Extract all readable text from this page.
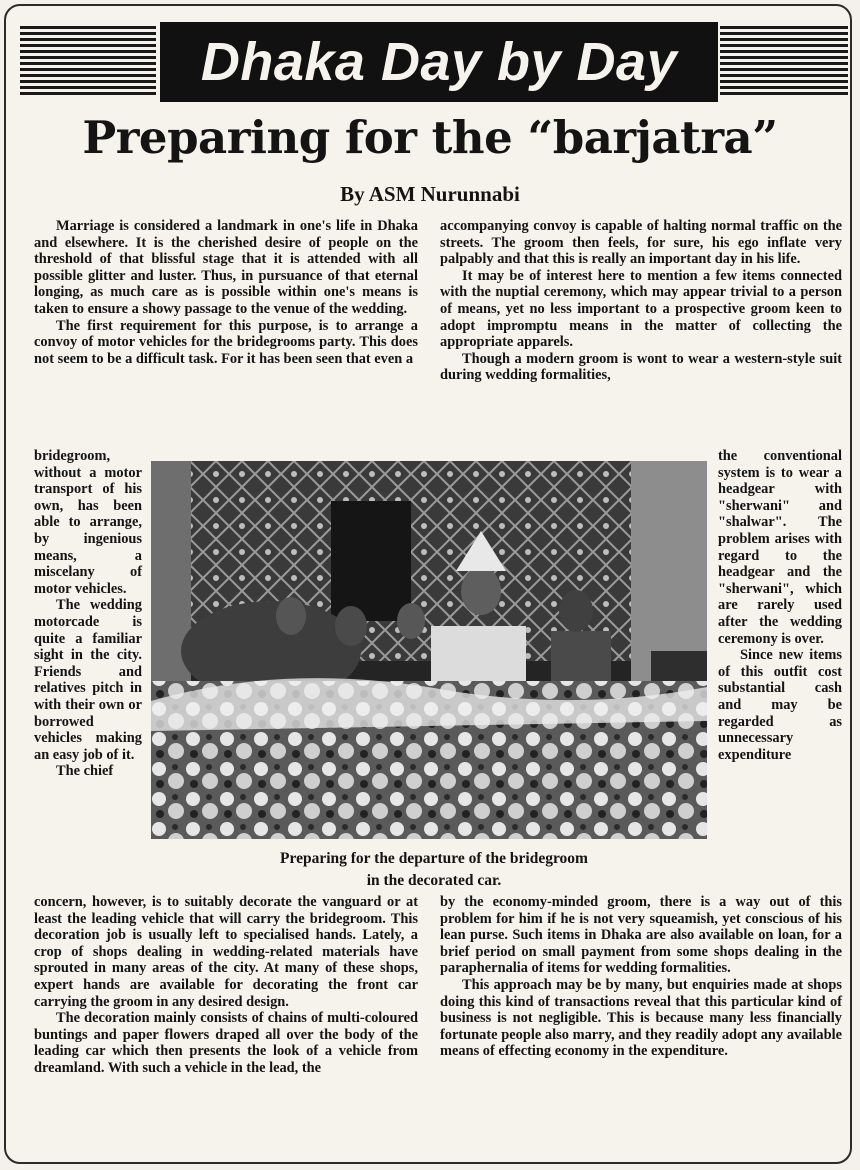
Dhaka Day by Day
Preparing for the “barjatra”
By ASM Nurunnabi

Marriage is considered a landmark in one's life in Dhaka and elsewhere. It is the cherished desire of people on the threshold of that blissful stage that it is attended with all possible glitter and luster. Thus, in pursuance of that eternal longing, as much care as is possible within one's means is taken to ensure a showy passage to the venue of the wedding.

The first requirement for this purpose, is to arrange a convoy of motor vehicles for the bridegrooms party. This does not seem to be a difficult task. For it has been seen that even a

bridegroom, without a motor transport of his own, has been able to arrange, by ingenious means, a miscelany of motor vehicles.

The wedding motorcade is quite a familiar sight in the city. Friends and relatives pitch in with their own or borrowed vehicles making an easy job of it.

The chief

Preparing for the departure of the bridegroom
in the decorated car.

concern, however, is to suitably decorate the vanguard or at least the leading vehicle that will carry the bridegroom. This decoration job is usually left to specialised hands. Lately, a crop of shops dealing in wedding-related materials have sprouted in many areas of the city. At many of these shops, expert hands are available for decorating the front car carrying the groom in any desired design.

The decoration mainly consists of chains of multi-coloured buntings and paper flowers draped all over the body of the leading car which then presents the look of a vehicle from dreamland. With such a vehicle in the lead, the

accompanying convoy is capable of halting normal traffic on the streets. The groom then feels, for sure, his ego inflate very palpably and that this is really an important day in his life.

It may be of interest here to mention a few items connected with the nuptial ceremony, which may appear trivial to a person of means, yet no less important to a prospective groom keen to adopt impromptu means in the matter of collecting the appropriate apparels.

Though a modern groom is wont to wear a western-style suit during wedding formalities,

the conventional system is to wear a headgear with "sherwani" and "shalwar". The problem arises with regard to the headgear and the "sherwani", which are rarely used after the wedding ceremony is over.

Since new items of this outfit cost substantial cash and may be regarded as unnecessary expenditure

by the economy-minded groom, there is a way out of this problem for him if he is not very squeamish, yet conscious of his lean purse. Such items in Dhaka are also available on loan, for a brief period on small payment from some shops dealing in the paraphernalia of items for wedding formalities.

This approach may be by many, but enquiries made at shops doing this kind of transactions reveal that this particular kind of business is not negligible. This is because many less financially fortunate people also marry, and they readily adopt any available means of effecting economy in the expenditure.
